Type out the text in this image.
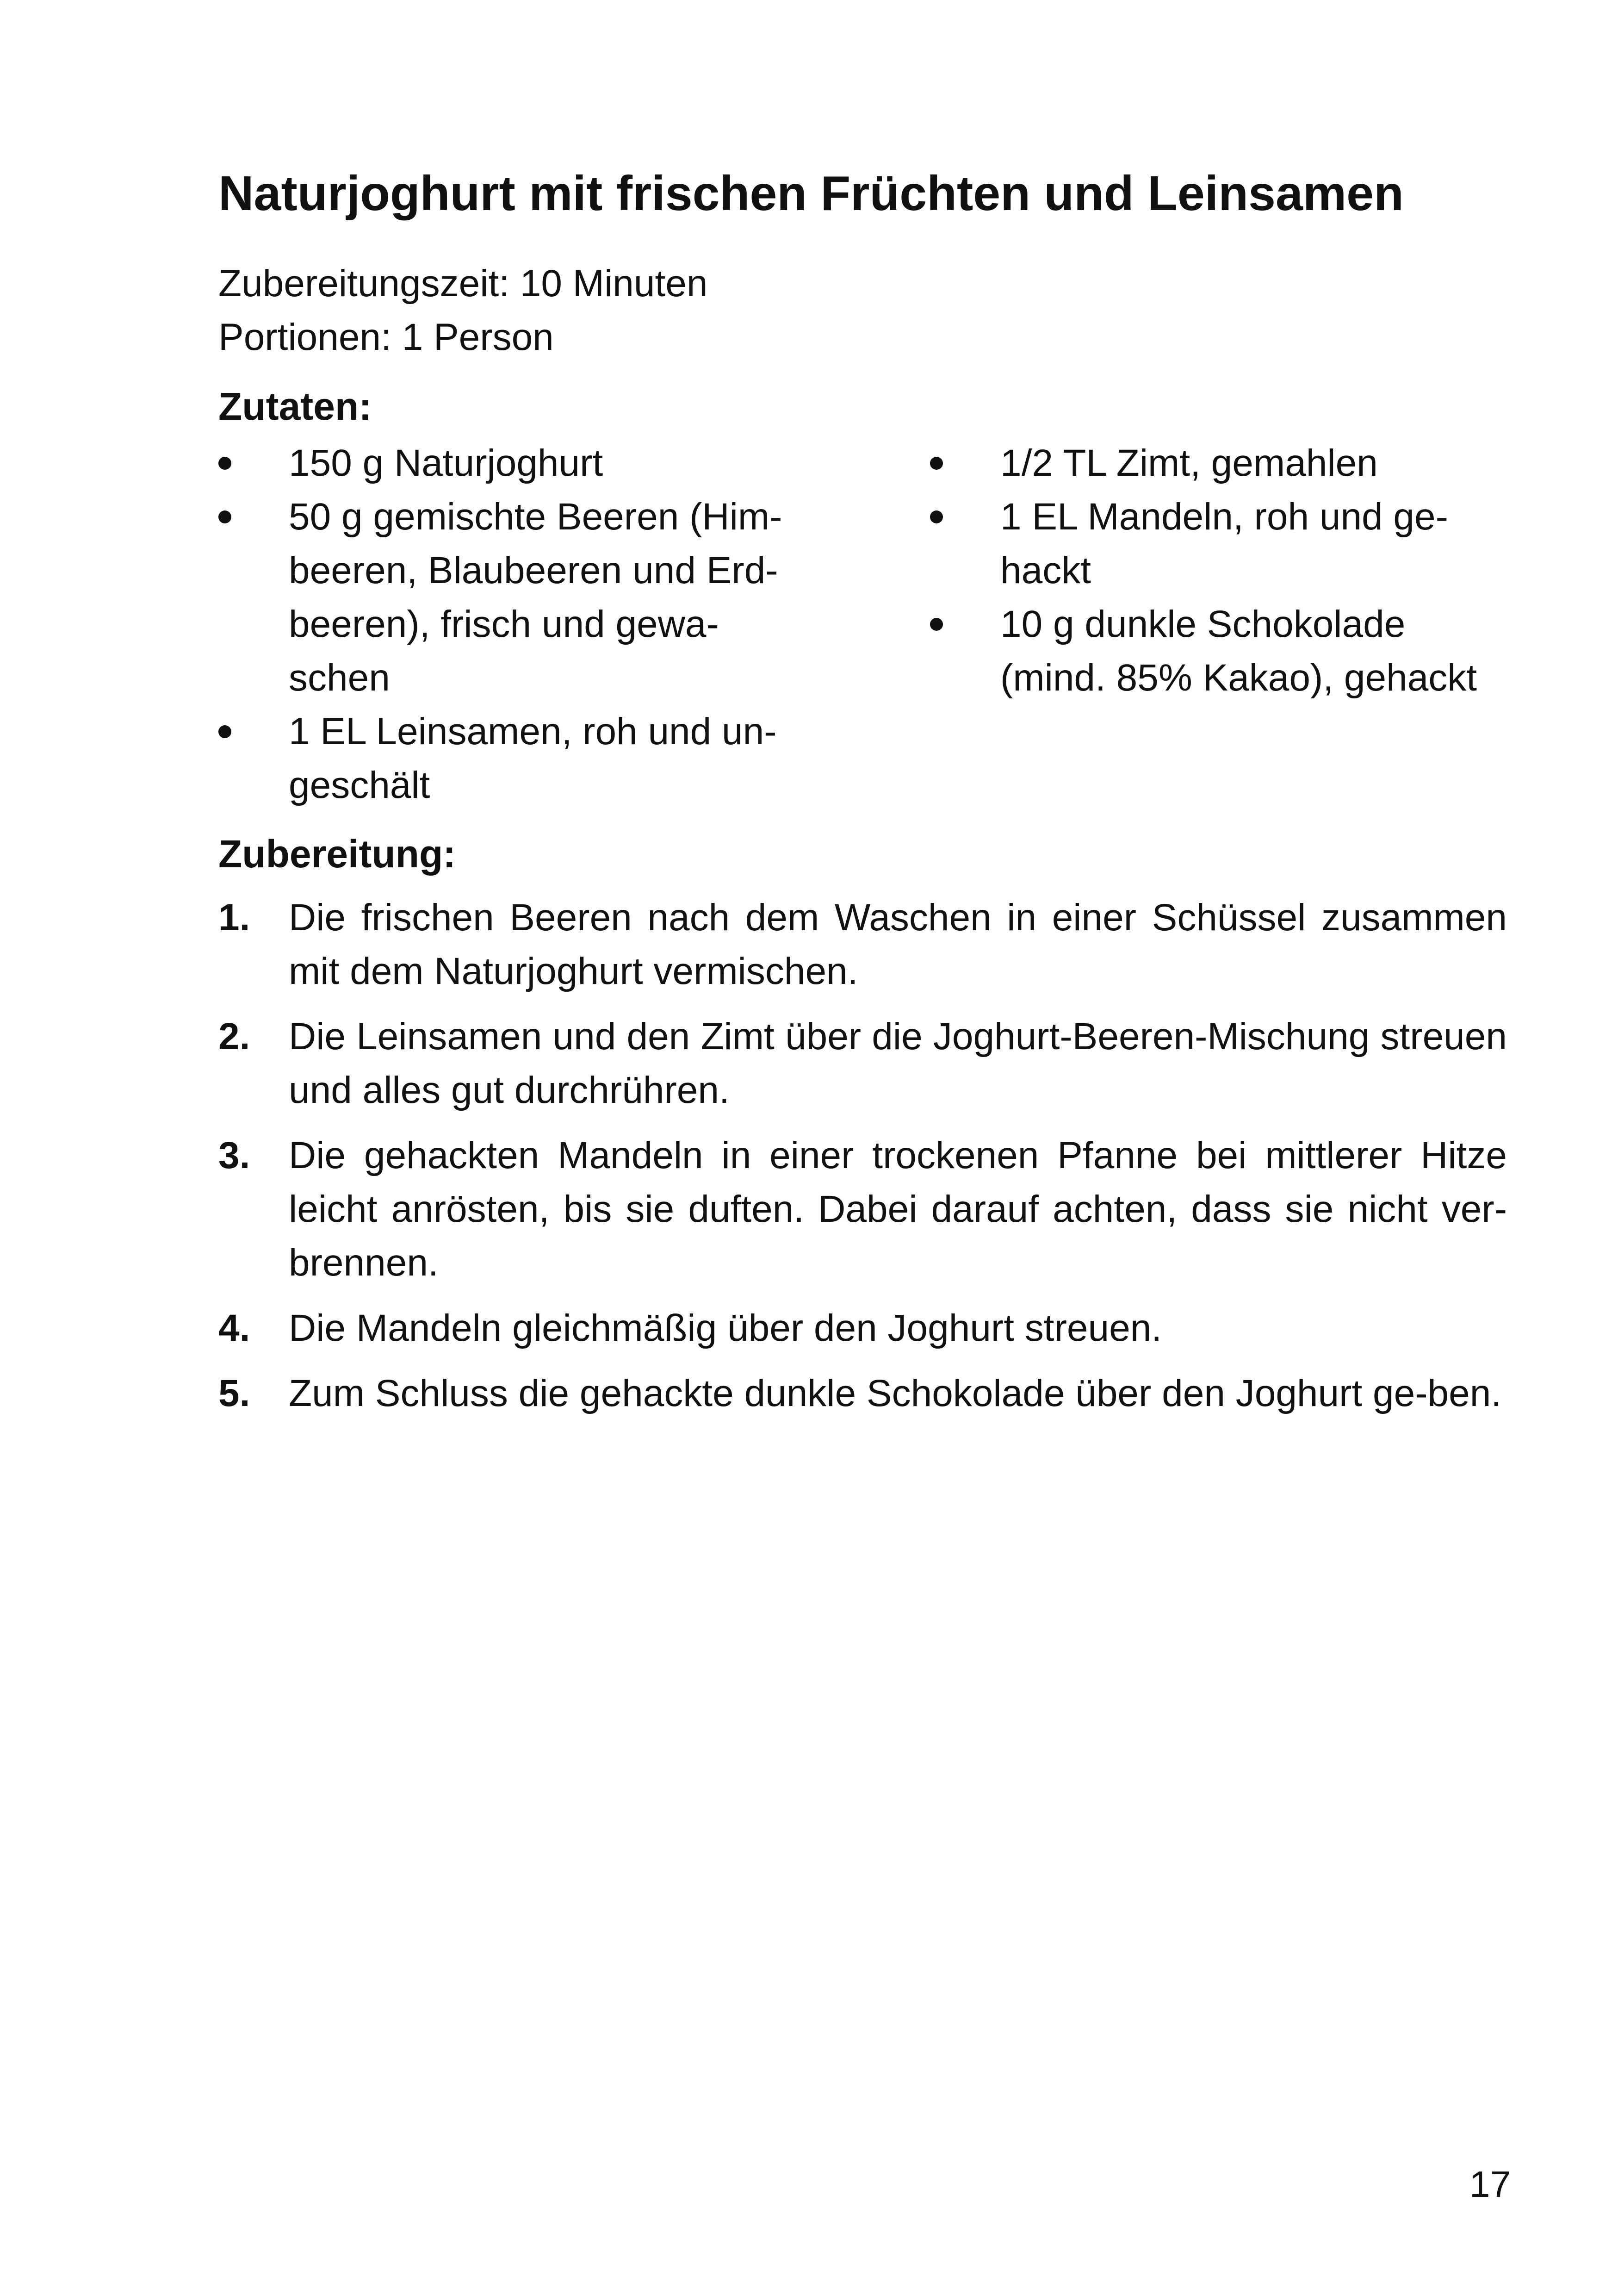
Naturjoghurt mit frischen Früchten und Leinsamen
Zubereitungszeit: 10 Minuten
Portionen: 1 Person
Zutaten:
150 g Naturjoghurt
50 g gemischte Beeren (Him-
beeren, Blaubeeren und Erd-
beeren), frisch und gewa-
schen
1 EL Leinsamen, roh und un-
geschält
1/2 TL Zimt, gemahlen
1 EL Mandeln, roh und ge-
hackt
10 g dunkle Schokolade
(mind. 85% Kakao), gehackt
Zubereitung:
1. Die frischen Beeren nach dem Waschen in einer Schüssel zusammen mit dem Naturjoghurt vermischen.
2. Die Leinsamen und den Zimt über die Joghurt-Beeren-Mischung streuen und alles gut durchrühren.
3. Die gehackten Mandeln in einer trockenen Pfanne bei mittlerer Hitze leicht anrösten, bis sie duften. Dabei darauf achten, dass sie nicht ver-brennen.
4. Die Mandeln gleichmäßig über den Joghurt streuen.
5. Zum Schluss die gehackte dunkle Schokolade über den Joghurt ge-ben.
17
